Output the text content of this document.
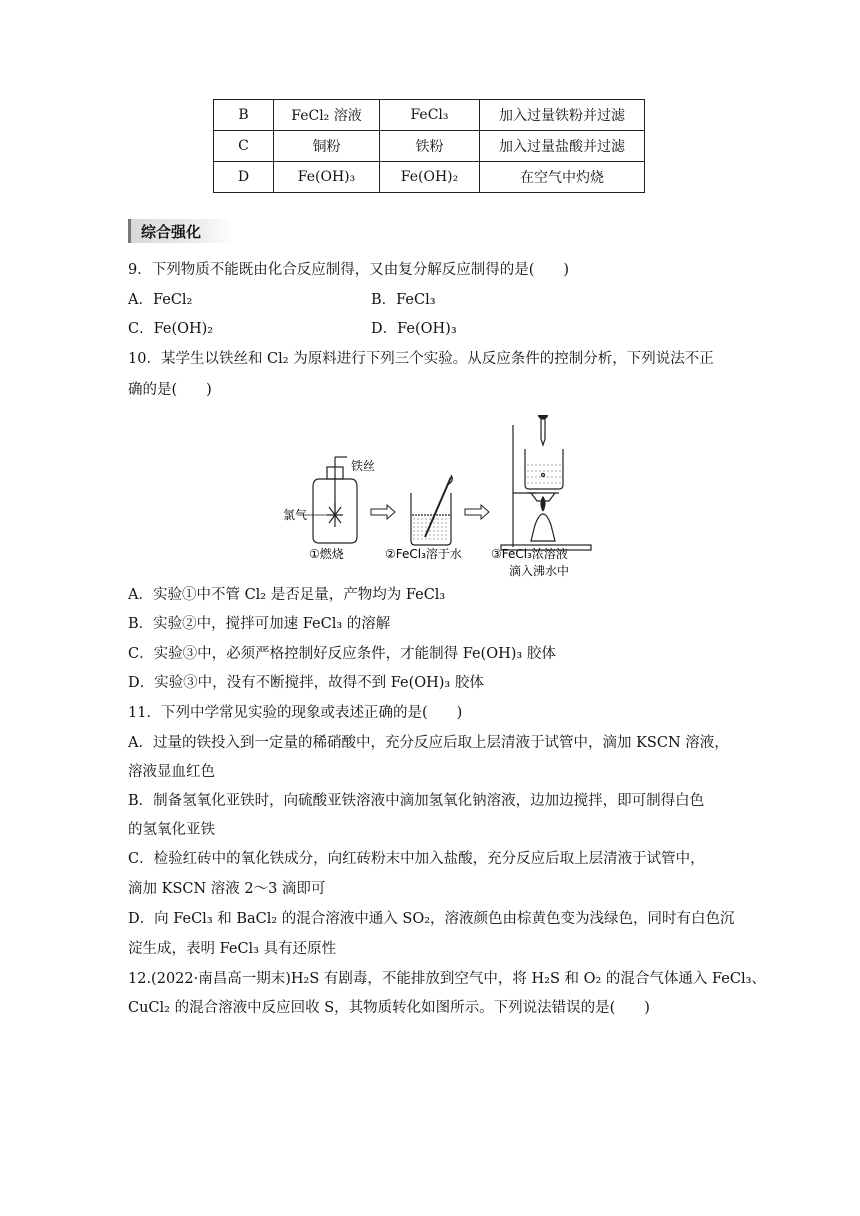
B	FeCl₂ 溶液	FeCl₃	加入过量铁粉并过滤
C	铜粉	铁粉	加入过量盐酸并过滤
D	Fe(OH)₃	Fe(OH)₂	在空气中灼烧
综合强化
9．下列物质不能既由化合反应制得，又由复分解反应制得的是(　　)
A．FeCl₂	B．FeCl₃
C．Fe(OH)₂	D．Fe(OH)₃
10．某学生以铁丝和 Cl₂ 为原料进行下列三个实验。从反应条件的控制分析，下列说法不正
确的是(　　)
铁丝
氯气
①燃烧	②FeCl₃溶于水 ③FeCl₃浓溶液
滴入沸水中
A．实验①中不管 Cl₂ 是否足量，产物均为 FeCl₃
B．实验②中，搅拌可加速 FeCl₃ 的溶解
C．实验③中，必须严格控制好反应条件，才能制得 Fe(OH)₃ 胶体
D．实验③中，没有不断搅拌，故得不到 Fe(OH)₃ 胶体
11．下列中学常见实验的现象或表述正确的是(　　)
A．过量的铁投入到一定量的稀硝酸中，充分反应后取上层清液于试管中，滴加 KSCN 溶液，
溶液显血红色
B．制备氢氧化亚铁时，向硫酸亚铁溶液中滴加氢氧化钠溶液，边加边搅拌，即可制得白色
的氢氧化亚铁
C．检验红砖中的氧化铁成分，向红砖粉末中加入盐酸，充分反应后取上层清液于试管中，
滴加 KSCN 溶液 2～3 滴即可
D．向 FeCl₃ 和 BaCl₂ 的混合溶液中通入 SO₂，溶液颜色由棕黄色变为浅绿色，同时有白色沉
淀生成，表明 FeCl₃ 具有还原性
12.(2022·南昌高一期末)H₂S 有剧毒，不能排放到空气中，将 H₂S 和 O₂ 的混合气体通入 FeCl₃、
CuCl₂ 的混合溶液中反应回收 S，其物质转化如图所示。下列说法错误的是(　　)
